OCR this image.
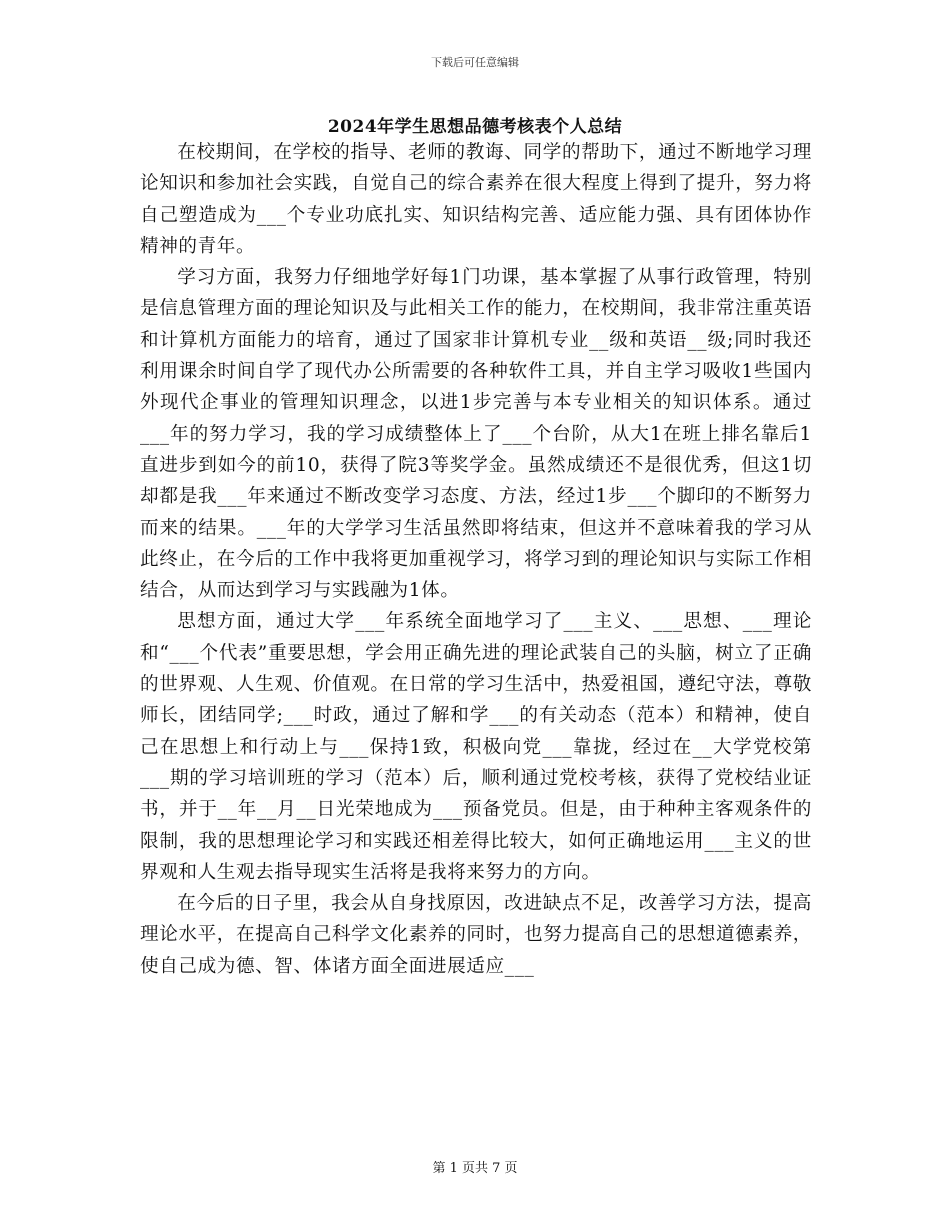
下载后可任意编辑
2024年学生思想品德考核表个人总结

在校期间，在学校的指导、老师的教诲、同学的帮助下，通过不断地学习理论知识和参加社会实践，自觉自己的综合素养在很大程度上得到了提升，努力将自己塑造成为___个专业功底扎实、知识结构完善、适应能力强、具有团体协作精神的青年。

学习方面，我努力仔细地学好每1门功课，基本掌握了从事行政管理，特别是信息管理方面的理论知识及与此相关工作的能力，在校期间，我非常注重英语和计算机方面能力的培育，通过了国家非计算机专业__级和英语__级;同时我还利用课余时间自学了现代办公所需要的各种软件工具，并自主学习吸收1些国内外现代企事业的管理知识理念，以进1步完善与本专业相关的知识体系。通过___年的努力学习，我的学习成绩整体上了___个台阶，从大1在班上排名靠后1直进步到如今的前10，获得了院3等奖学金。虽然成绩还不是很优秀，但这1切却都是我___年来通过不断改变学习态度、方法，经过1步___个脚印的不断努力而来的结果。___年的大学学习生活虽然即将结束，但这并不意味着我的学习从此终止，在今后的工作中我将更加重视学习，将学习到的理论知识与实际工作相结合，从而达到学习与实践融为1体。

思想方面，通过大学___年系统全面地学习了___主义、___思想、___理论和“___个代表”重要思想，学会用正确先进的理论武装自己的头脑，树立了正确的世界观、人生观、价值观。在日常的学习生活中，热爱祖国，遵纪守法，尊敬师长，团结同学;___时政，通过了解和学___的有关动态（范本）和精神，使自己在思想上和行动上与___保持1致，积极向党___靠拢，经过在__大学党校第___期的学习培训班的学习（范本）后，顺利通过党校考核，获得了党校结业证书，并于__年__月__日光荣地成为___预备党员。但是，由于种种主客观条件的限制，我的思想理论学习和实践还相差得比较大，如何正确地运用___主义的世界观和人生观去指导现实生活将是我将来努力的方向。

在今后的日子里，我会从自身找原因，改进缺点不足，改善学习方法，提高理论水平，在提高自己科学文化素养的同时，也努力提高自己的思想道德素养，使自己成为德、智、体诸方面全面进展适应___

第 1 页共 7 页
